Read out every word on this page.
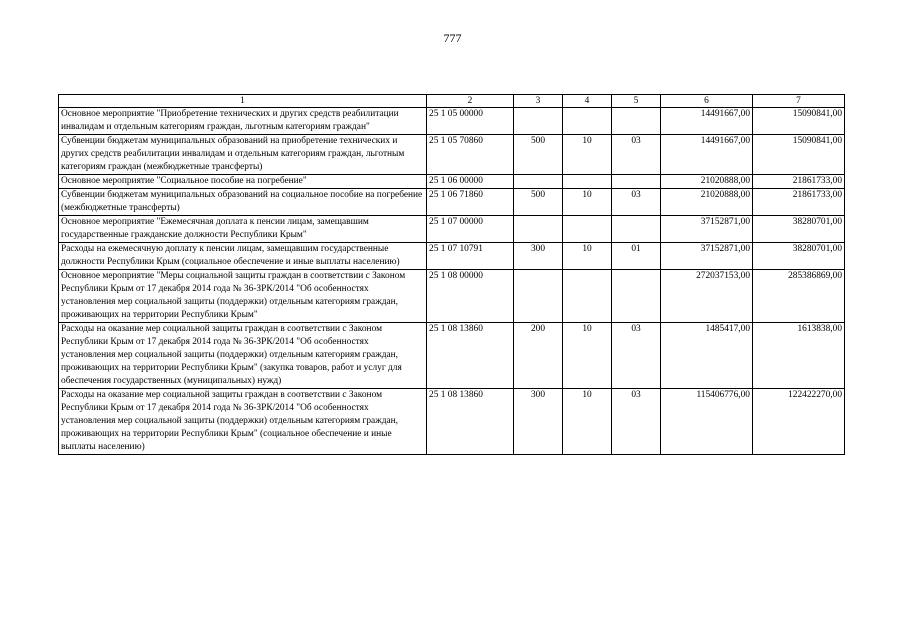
777
1	2	3	4	5	6	7
Основное мероприятие "Приобретение технических и других средств реабилитации инвалидам и отдельным категориям граждан, льготным категориям граждан"	25 1 05 00000				14491667,00	15090841,00
Субвенции бюджетам муниципальных образований на приобретение технических и других средств реабилитации инвалидам и отдельным категориям граждан, льготным категориям граждан (межбюджетные трансферты)	25 1 05 70860	500	10	03	14491667,00	15090841,00
Основное мероприятие "Социальное пособие на погребение"	25 1 06 00000				21020888,00	21861733,00
Субвенции бюджетам муниципальных образований на социальное пособие на погребение (межбюджетные трансферты)	25 1 06 71860	500	10	03	21020888,00	21861733,00
Основное мероприятие "Ежемесячная доплата к пенсии лицам, замещавшим государственные гражданские должности Республики Крым"	25 1 07 00000				37152871,00	38280701,00
Расходы на ежемесячную доплату к пенсии лицам, замещавшим государственные должности Республики Крым (социальное обеспечение и иные выплаты населению)	25 1 07 10791	300	10	01	37152871,00	38280701,00
Основное мероприятие "Меры социальной защиты граждан в соответствии с Законом Республики Крым от 17 декабря 2014 года № 36-ЗРК/2014 "Об особенностях установления мер социальной защиты (поддержки) отдельным категориям граждан, проживающих на территории Республики Крым"	25 1 08 00000				272037153,00	285386869,00
Расходы на оказание мер социальной защиты граждан в соответствии с Законом Республики Крым от 17 декабря 2014 года № 36-ЗРК/2014 "Об особенностях установления мер социальной защиты (поддержки) отдельным категориям граждан, проживающих на территории Республики Крым" (закупка товаров, работ и услуг для обеспечения государственных (муниципальных) нужд)	25 1 08 13860	200	10	03	1485417,00	1613838,00
Расходы на оказание мер социальной защиты граждан в соответствии с Законом Республики Крым от 17 декабря 2014 года № 36-ЗРК/2014 "Об особенностях установления мер социальной защиты (поддержки) отдельным категориям граждан, проживающих на территории Республики Крым" (социальное обеспечение и иные выплаты населению)	25 1 08 13860	300	10	03	115406776,00	122422270,00
